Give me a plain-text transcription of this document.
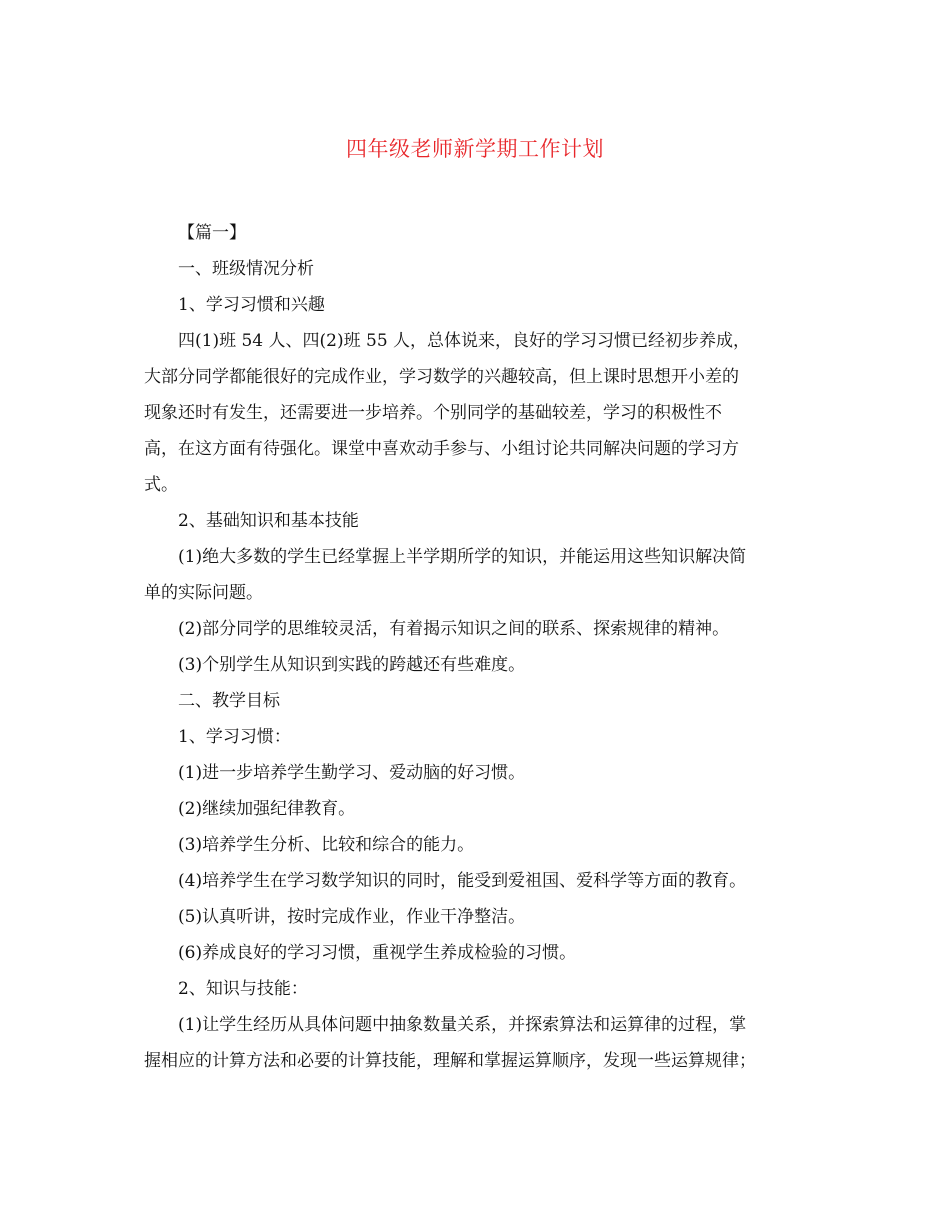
四年级老师新学期工作计划
【篇一】
一、班级情况分析
1、学习习惯和兴趣
四(1)班 54 人、四(2)班 55 人，总体说来，良好的学习习惯已经初步养成，
大部分同学都能很好的完成作业，学习数学的兴趣较高，但上课时思想开小差的
现象还时有发生，还需要进一步培养。个别同学的基础较差，学习的积极性不
高，在这方面有待强化。课堂中喜欢动手参与、小组讨论共同解决问题的学习方
式。
2、基础知识和基本技能
(1)绝大多数的学生已经掌握上半学期所学的知识，并能运用这些知识解决简
单的实际问题。
(2)部分同学的思维较灵活，有着揭示知识之间的联系、探索规律的精神。
(3)个别学生从知识到实践的跨越还有些难度。
二、教学目标
1、学习习惯：
(1)进一步培养学生勤学习、爱动脑的好习惯。
(2)继续加强纪律教育。
(3)培养学生分析、比较和综合的能力。
(4)培养学生在学习数学知识的同时，能受到爱祖国、爱科学等方面的教育。
(5)认真听讲，按时完成作业，作业干净整洁。
(6)养成良好的学习习惯，重视学生养成检验的习惯。
2、知识与技能：
(1)让学生经历从具体问题中抽象数量关系，并探索算法和运算律的过程，掌
握相应的计算方法和必要的计算技能，理解和掌握运算顺序，发现一些运算规律；
